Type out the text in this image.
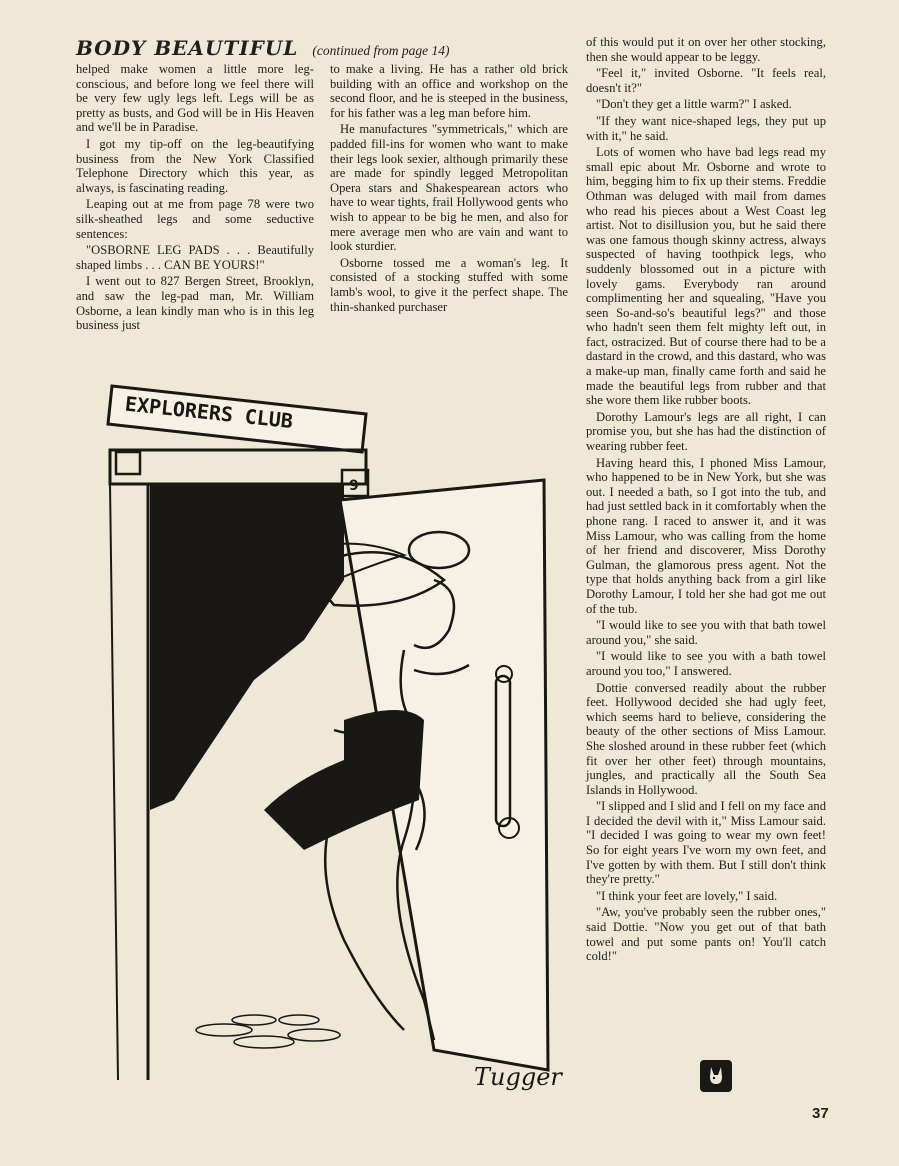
BODY BEAUTIFUL (continued from page 14)

helped make women a little more leg-conscious, and before long we feel there will be very few ugly legs left. Legs will be as pretty as busts, and God will be in His Heaven and we'll be in Paradise.

I got my tip-off on the leg-beautifying business from the New York Classified Telephone Directory which this year, as always, is fascinating reading.

Leaping out at me from page 78 were two silk-sheathed legs and some seductive sentences:

"OSBORNE LEG PADS . . . Beautifully shaped limbs . . . CAN BE YOURS!"

I went out to 827 Bergen Street, Brooklyn, and saw the leg-pad man, Mr. William Osborne, a lean kindly man who is in this leg business just

to make a living. He has a rather old brick building with an office and workshop on the second floor, and he is steeped in the business, for his father was a leg man before him.

He manufactures "symmetricals," which are padded fill-ins for women who want to make their legs look sexier, although primarily these are made for spindly legged Metropolitan Opera stars and Shakespearean actors who have to wear tights, frail Hollywood gents who wish to appear to be big he men, and also for mere average men who are vain and want to look sturdier.

Osborne tossed me a woman's leg. It consisted of a stocking stuffed with some lamb's wool, to give it the perfect shape. The thin-shanked purchaser

of this would put it on over her other stocking, then she would appear to be leggy.

"Feel it," invited Osborne. "It feels real, doesn't it?"

"Don't they get a little warm?" I asked.

"If they want nice-shaped legs, they put up with it," he said.

Lots of women who have bad legs read my small epic about Mr. Osborne and wrote to him, begging him to fix up their stems. Freddie Othman was deluged with mail from dames who read his pieces about a West Coast leg artist. Not to disillusion you, but he said there was one famous though skinny actress, always suspected of having toothpick legs, who suddenly blossomed out in a picture with lovely gams. Everybody ran around complimenting her and squealing, "Have you seen So-and-so's beautiful legs?" and those who hadn't seen them felt mighty left out, in fact, ostracized. But of course there had to be a dastard in the crowd, and this dastard, who was a make-up man, finally came forth and said he made the beautiful legs from rubber and that she wore them like rubber boots.

Dorothy Lamour's legs are all right, I can promise you, but she has had the distinction of wearing rubber feet.

Having heard this, I phoned Miss Lamour, who happened to be in New York, but she was out. I needed a bath, so I got into the tub, and had just settled back in it comfortably when the phone rang. I raced to answer it, and it was Miss Lamour, who was calling from the home of her friend and discoverer, Miss Dorothy Gulman, the glamorous press agent. Not the type that holds anything back from a girl like Dorothy Lamour, I told her she had got me out of the tub.

"I would like to see you with that bath towel around you," she said.

"I would like to see you with a bath towel around you too," I answered.

Dottie conversed readily about the rubber feet. Hollywood decided she had ugly feet, which seems hard to believe, considering the beauty of the other sections of Miss Lamour. She sloshed around in these rubber feet (which fit over her other feet) through mountains, jungles, and practically all the South Sea Islands in Hollywood.

"I slipped and I slid and I fell on my face and I decided the devil with it," Miss Lamour said. "I decided I was going to wear my own feet! So for eight years I've worn my own feet, and I've gotten by with them. But I still don't think they're pretty."

"I think your feet are lovely," I said.

"Aw, you've probably seen the rubber ones," said Dottie. "Now you get out of that bath towel and put some pants on! You'll catch cold!"

EXPLORERS CLUB
9
Tugger
37
